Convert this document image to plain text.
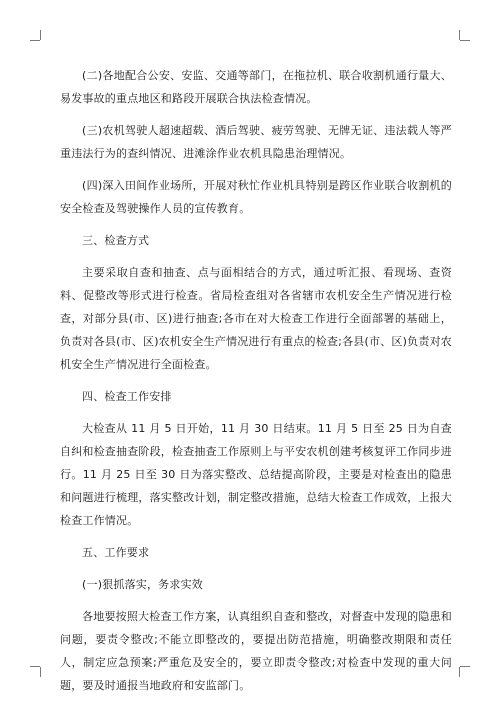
(二)各地配合公安、安监、交通等部门，在拖拉机、联合收割机通行量大、易发事故的重点地区和路段开展联合执法检查情况。

(三)农机驾驶人超速超载、酒后驾驶、疲劳驾驶、无牌无证、违法载人等严重违法行为的查纠情况、进滩涂作业农机具隐患治理情况。

(四)深入田间作业场所，开展对秋忙作业机具特别是跨区作业联合收割机的安全检查及驾驶操作人员的宣传教育。

三、检查方式

主要采取自查和抽查、点与面相结合的方式，通过听汇报、看现场、查资料、促整改等形式进行检查。省局检查组对各省辖市农机安全生产情况进行检查，对部分县(市、区)进行抽查;各市在对大检查工作进行全面部署的基础上，负责对各县(市、区)农机安全生产情况进行有重点的检查;各县(市、区)负责对农机安全生产情况进行全面检查。

四、检查工作安排

大检查从 11 月 5 日开始，11 月 30 日结束。11 月 5 日至 25 日为自查自纠和检查抽查阶段，检查抽查工作原则上与平安农机创建考核复评工作同步进行。11 月 25 日至 30 日为落实整改、总结提高阶段，主要是对检查出的隐患和问题进行梳理，落实整改计划，制定整改措施，总结大检查工作成效，上报大检查工作情况。

五、工作要求

(一)狠抓落实，务求实效

各地要按照大检查工作方案，认真组织自查和整改，对督查中发现的隐患和问题，要责令整改;不能立即整改的，要提出防范措施，明确整改期限和责任人，制定应急预案;严重危及安全的，要立即责令整改;对检查中发现的重大问题，要及时通报当地政府和安监部门。
